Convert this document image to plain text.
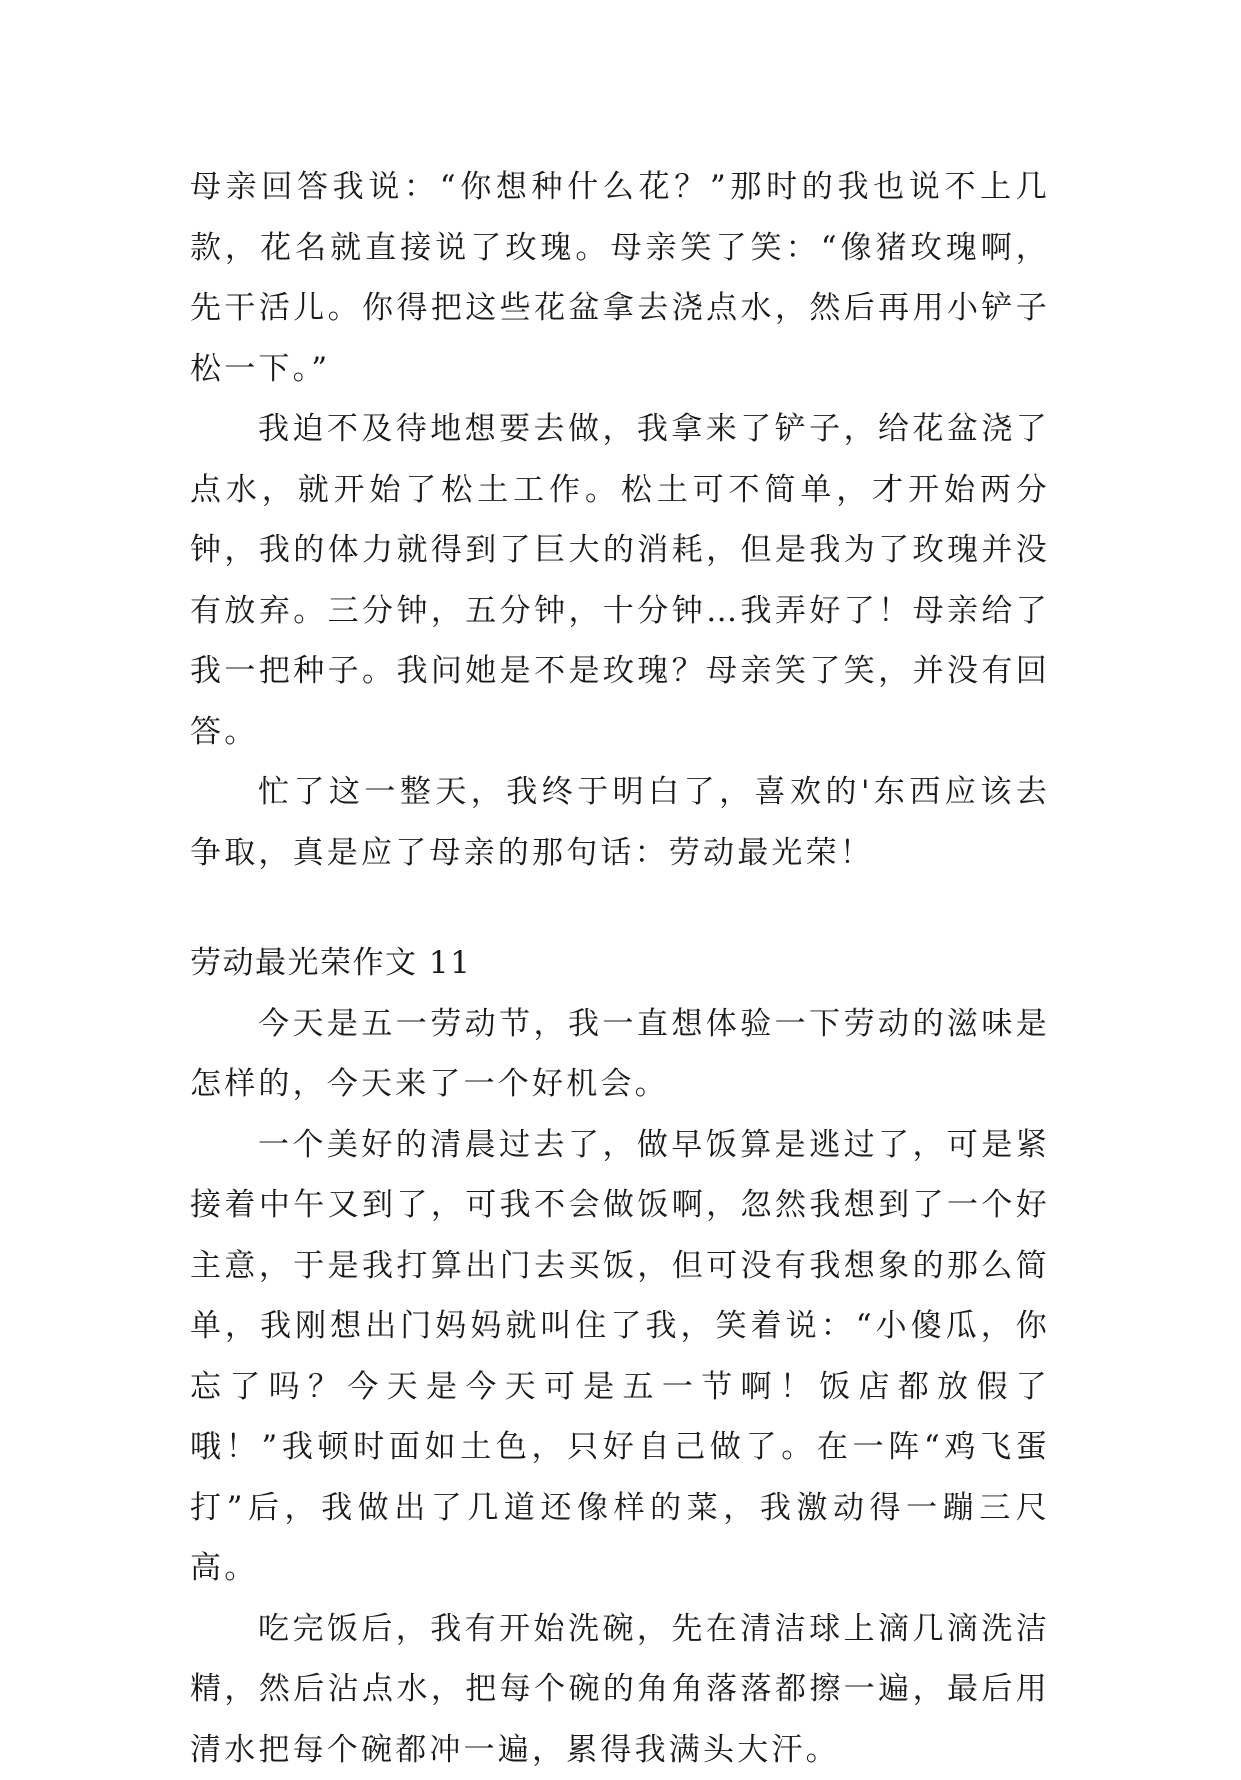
母亲回答我说：“你想种什么花？”那时的我也说不上几款，花名就直接说了玫瑰。母亲笑了笑：“像猪玫瑰啊，先干活儿。你得把这些花盆拿去浇点水，然后再用小铲子松一下。”

我迫不及待地想要去做，我拿来了铲子，给花盆浇了点水，就开始了松土工作。松土可不简单，才开始两分钟，我的体力就得到了巨大的消耗，但是我为了玫瑰并没有放弃。三分钟，五分钟，十分钟…我弄好了！母亲给了我一把种子。我问她是不是玫瑰？母亲笑了笑，并没有回答。

忙了这一整天，我终于明白了，喜欢的'东西应该去争取，真是应了母亲的那句话：劳动最光荣！

劳动最光荣作文 11

今天是五一劳动节，我一直想体验一下劳动的滋味是怎样的，今天来了一个好机会。

一个美好的清晨过去了，做早饭算是逃过了，可是紧接着中午又到了，可我不会做饭啊，忽然我想到了一个好主意，于是我打算出门去买饭，但可没有我想象的那么简单，我刚想出门妈妈就叫住了我，笑着说：“小傻瓜，你忘了吗？今天是今天可是五一节啊！饭店都放假了哦！”我顿时面如土色，只好自己做了。在一阵“鸡飞蛋打”后，我做出了几道还像样的菜，我激动得一蹦三尺高。

吃完饭后，我有开始洗碗，先在清洁球上滴几滴洗洁精，然后沾点水，把每个碗的角角落落都擦一遍，最后用清水把每个碗都冲一遍，累得我满头大汗。
